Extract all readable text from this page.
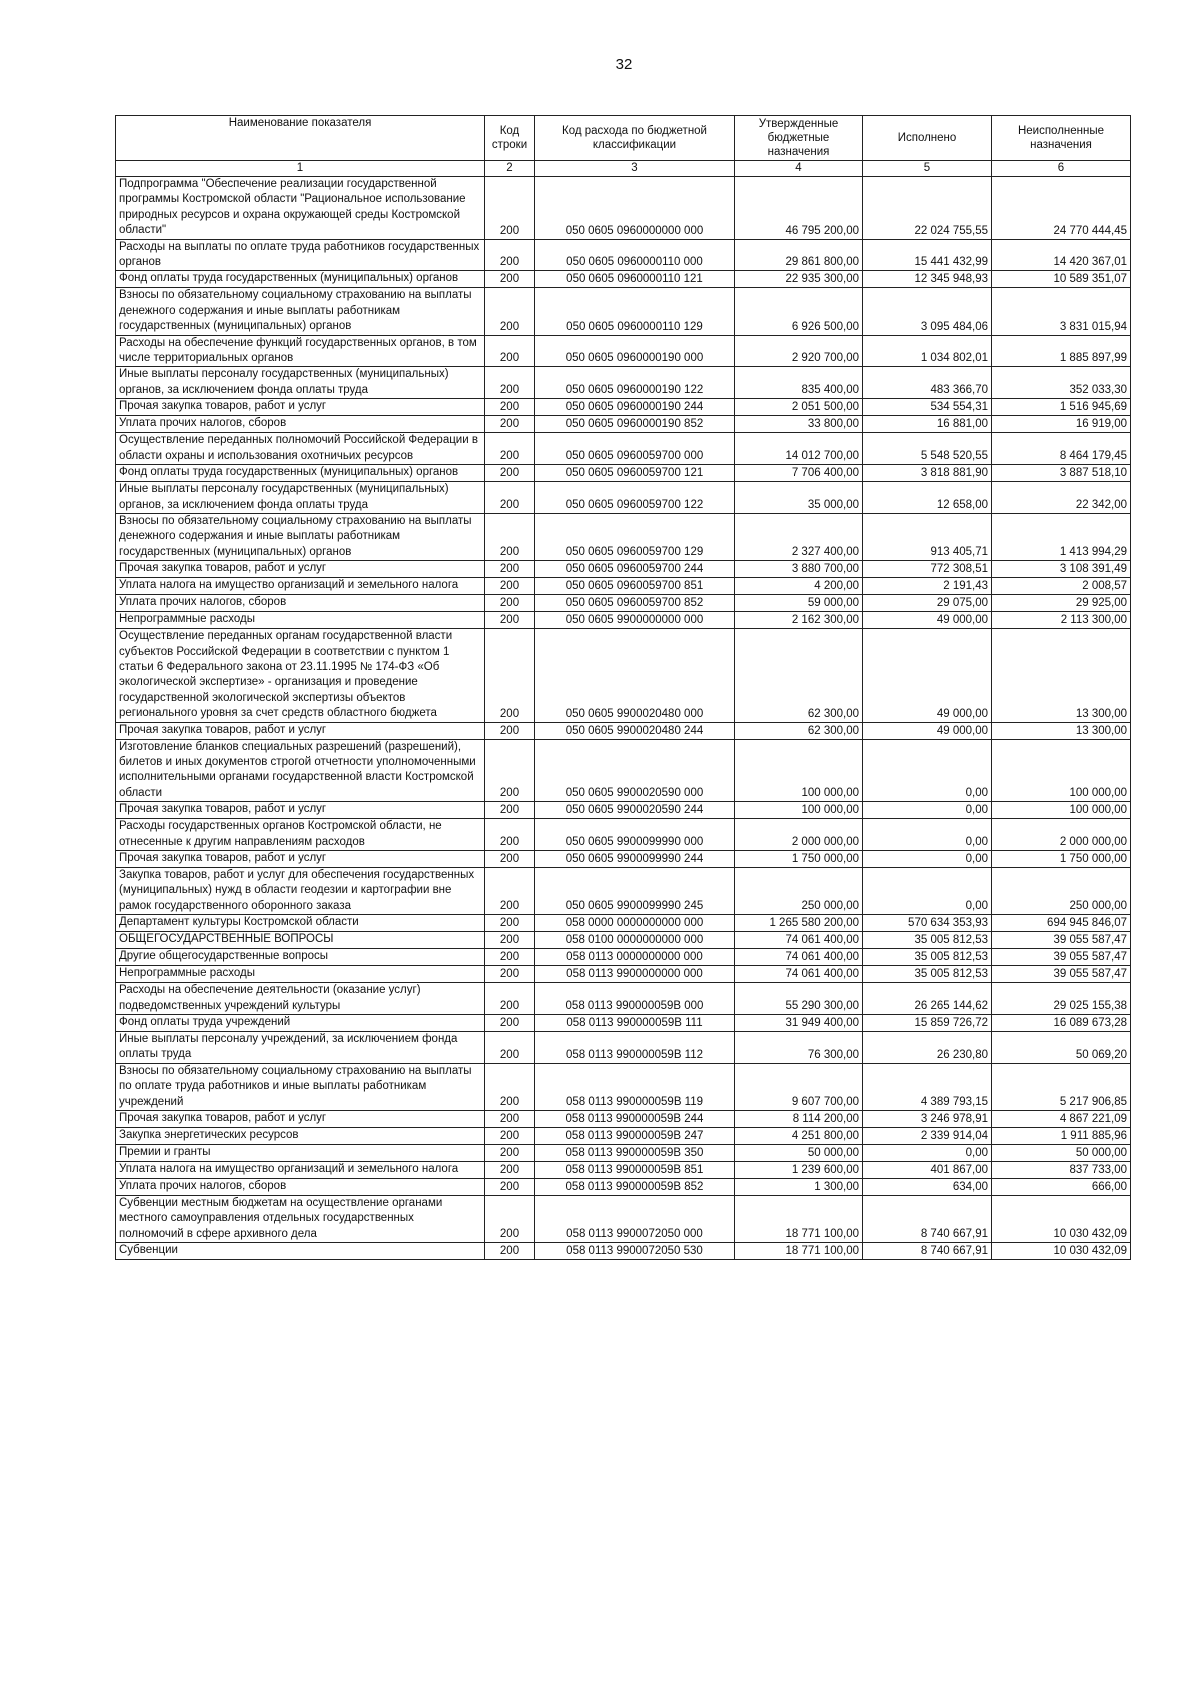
32
Наименование показателя	Код строки	Код расхода по бюджетной классификации	Утвержденные бюджетные назначения	Исполнено	Неисполненные назначения
1	2	3	4	5	6
Подпрограмма "Обеспечение реализации государственной программы Костромской области "Рациональное использование природных ресурсов и охрана окружающей среды Костромской области"	200	050 0605 0960000000 000	46 795 200,00	22 024 755,55	24 770 444,45
Расходы на выплаты по оплате труда работников государственных органов	200	050 0605 0960000110 000	29 861 800,00	15 441 432,99	14 420 367,01
Фонд оплаты труда государственных (муниципальных) органов	200	050 0605 0960000110 121	22 935 300,00	12 345 948,93	10 589 351,07
Взносы по обязательному социальному страхованию на выплаты денежного содержания и иные выплаты работникам государственных (муниципальных) органов	200	050 0605 0960000110 129	6 926 500,00	3 095 484,06	3 831 015,94
Расходы на обеспечение функций государственных органов, в том числе территориальных органов	200	050 0605 0960000190 000	2 920 700,00	1 034 802,01	1 885 897,99
Иные выплаты персоналу государственных (муниципальных) органов, за исключением фонда оплаты труда	200	050 0605 0960000190 122	835 400,00	483 366,70	352 033,30
Прочая закупка товаров, работ и услуг	200	050 0605 0960000190 244	2 051 500,00	534 554,31	1 516 945,69
Уплата прочих налогов, сборов	200	050 0605 0960000190 852	33 800,00	16 881,00	16 919,00
Осуществление переданных полномочий Российской Федерации в области охраны и использования охотничьих ресурсов	200	050 0605 0960059700 000	14 012 700,00	5 548 520,55	8 464 179,45
Фонд оплаты труда государственных (муниципальных) органов	200	050 0605 0960059700 121	7 706 400,00	3 818 881,90	3 887 518,10
Иные выплаты персоналу государственных (муниципальных) органов, за исключением фонда оплаты труда	200	050 0605 0960059700 122	35 000,00	12 658,00	22 342,00
Взносы по обязательному социальному страхованию на выплаты денежного содержания и иные выплаты работникам государственных (муниципальных) органов	200	050 0605 0960059700 129	2 327 400,00	913 405,71	1 413 994,29
Прочая закупка товаров, работ и услуг	200	050 0605 0960059700 244	3 880 700,00	772 308,51	3 108 391,49
Уплата налога на имущество организаций и земельного налога	200	050 0605 0960059700 851	4 200,00	2 191,43	2 008,57
Уплата прочих налогов, сборов	200	050 0605 0960059700 852	59 000,00	29 075,00	29 925,00
Непрограммные расходы	200	050 0605 9900000000 000	2 162 300,00	49 000,00	2 113 300,00
Осуществление переданных органам государственной власти субъектов Российской Федерации в соответствии с пунктом 1 статьи 6 Федерального закона от 23.11.1995 № 174-ФЗ «Об экологической экспертизе» - организация и проведение государственной экологической экспертизы объектов регионального уровня за счет средств областного бюджета	200	050 0605 9900020480 000	62 300,00	49 000,00	13 300,00
Прочая закупка товаров, работ и услуг	200	050 0605 9900020480 244	62 300,00	49 000,00	13 300,00
Изготовление бланков специальных разрешений (разрешений), билетов и иных документов строгой отчетности уполномоченными исполнительными органами государственной власти Костромской области	200	050 0605 9900020590 000	100 000,00	0,00	100 000,00
Прочая закупка товаров, работ и услуг	200	050 0605 9900020590 244	100 000,00	0,00	100 000,00
Расходы государственных органов Костромской области, не отнесенные к другим направлениям расходов	200	050 0605 9900099990 000	2 000 000,00	0,00	2 000 000,00
Прочая закупка товаров, работ и услуг	200	050 0605 9900099990 244	1 750 000,00	0,00	1 750 000,00
Закупка товаров, работ и услуг для обеспечения государственных (муниципальных) нужд в области геодезии и картографии вне рамок государственного оборонного заказа	200	050 0605 9900099990 245	250 000,00	0,00	250 000,00
Департамент культуры Костромской области	200	058 0000 0000000000 000	1 265 580 200,00	570 634 353,93	694 945 846,07
ОБЩЕГОСУДАРСТВЕННЫЕ ВОПРОСЫ	200	058 0100 0000000000 000	74 061 400,00	35 005 812,53	39 055 587,47
Другие общегосударственные вопросы	200	058 0113 0000000000 000	74 061 400,00	35 005 812,53	39 055 587,47
Непрограммные расходы	200	058 0113 9900000000 000	74 061 400,00	35 005 812,53	39 055 587,47
Расходы на обеспечение деятельности (оказание услуг) подведомственных учреждений культуры	200	058 0113 990000059В 000	55 290 300,00	26 265 144,62	29 025 155,38
Фонд оплаты труда учреждений	200	058 0113 990000059В 111	31 949 400,00	15 859 726,72	16 089 673,28
Иные выплаты персоналу учреждений, за исключением фонда оплаты труда	200	058 0113 990000059В 112	76 300,00	26 230,80	50 069,20
Взносы по обязательному социальному страхованию на выплаты по оплате труда работников и иные выплаты работникам учреждений	200	058 0113 990000059В 119	9 607 700,00	4 389 793,15	5 217 906,85
Прочая закупка товаров, работ и услуг	200	058 0113 990000059В 244	8 114 200,00	3 246 978,91	4 867 221,09
Закупка энергетических ресурсов	200	058 0113 990000059В 247	4 251 800,00	2 339 914,04	1 911 885,96
Премии и гранты	200	058 0113 990000059В 350	50 000,00	0,00	50 000,00
Уплата налога на имущество организаций и земельного налога	200	058 0113 990000059В 851	1 239 600,00	401 867,00	837 733,00
Уплата прочих налогов, сборов	200	058 0113 990000059В 852	1 300,00	634,00	666,00
Субвенции местным бюджетам на осуществление органами местного самоуправления отдельных государственных полномочий в сфере архивного дела	200	058 0113 9900072050 000	18 771 100,00	8 740 667,91	10 030 432,09
Субвенции	200	058 0113 9900072050 530	18 771 100,00	8 740 667,91	10 030 432,09
